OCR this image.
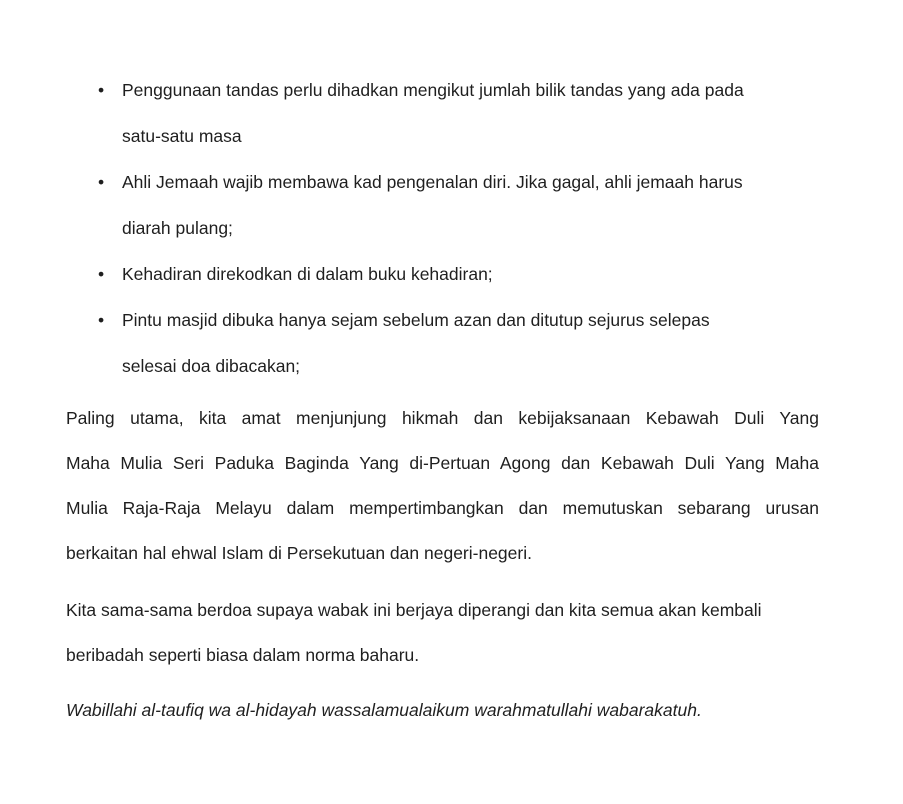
• Penggunaan tandas perlu dihadkan mengikut jumlah bilik tandas yang ada pada
satu-satu masa
• Ahli Jemaah wajib membawa kad pengenalan diri. Jika gagal, ahli jemaah harus
diarah pulang;
• Kehadiran direkodkan di dalam buku kehadiran;
• Pintu masjid dibuka hanya sejam sebelum azan dan ditutup sejurus selepas
selesai doa dibacakan;
Paling utama, kita amat menjunjung hikmah dan kebijaksanaan Kebawah Duli Yang
Maha Mulia Seri Paduka Baginda Yang di-Pertuan Agong dan Kebawah Duli Yang Maha
Mulia Raja-Raja Melayu dalam mempertimbangkan dan memutuskan sebarang urusan
berkaitan hal ehwal Islam di Persekutuan dan negeri-negeri.
Kita sama-sama berdoa supaya wabak ini berjaya diperangi dan kita semua akan kembali
beribadah seperti biasa dalam norma baharu.
Wabillahi al-taufiq wa al-hidayah wassalamualaikum warahmatullahi wabarakatuh.
